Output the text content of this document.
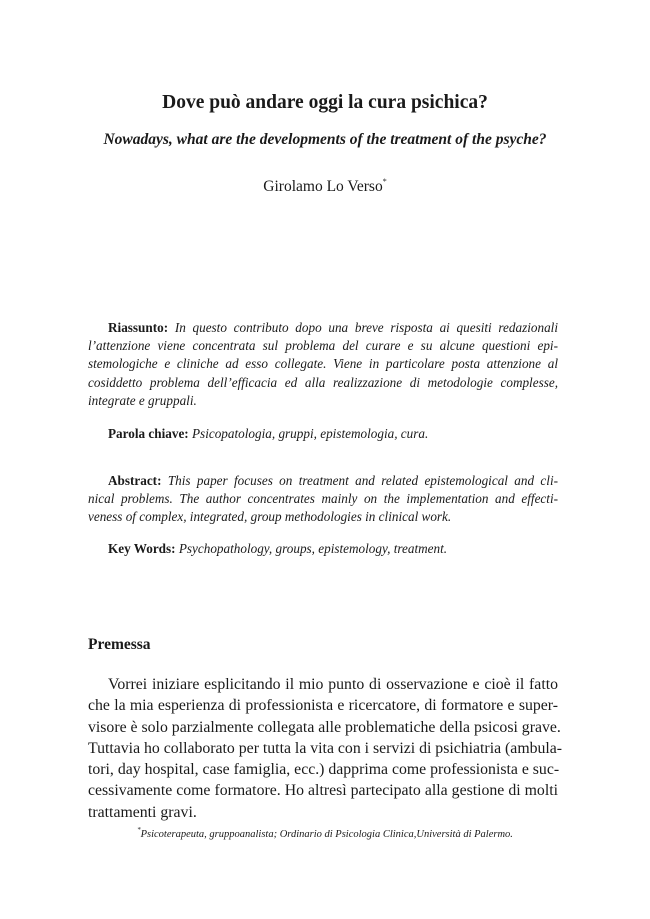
Dove può andare oggi la cura psichica?
Nowadays, what are the developments of the treatment of the psyche?
Girolamo Lo Verso*
Riassunto: In questo contributo dopo una breve risposta ai quesiti redazionali
l’attenzione viene concentrata sul problema del curare e su alcune questioni epi-
stemologiche e cliniche ad esso collegate. Viene in particolare posta attenzione al
cosiddetto problema dell’efficacia ed alla realizzazione di metodologie complesse,
integrate e gruppali.
Parola chiave: Psicopatologia, gruppi, epistemologia, cura.
Abstract: This paper focuses on treatment and related epistemological and cli-
nical problems. The author concentrates mainly on the implementation and effecti-
veness of complex, integrated, group methodologies in clinical work.
Key Words: Psychopathology, groups, epistemology, treatment.
Premessa
Vorrei iniziare esplicitando il mio punto di osservazione e cioè il fatto
che la mia esperienza di professionista e ricercatore, di formatore e super-
visore è solo parzialmente collegata alle problematiche della psicosi grave.
Tuttavia ho collaborato per tutta la vita con i servizi di psichiatria (ambula-
tori, day hospital, case famiglia, ecc.) dapprima come professionista e suc-
cessivamente come formatore. Ho altresì partecipato alla gestione di molti
trattamenti gravi.
*Psicoterapeuta, gruppoanalista; Ordinario di Psicologia Clinica,Università di Palermo.
